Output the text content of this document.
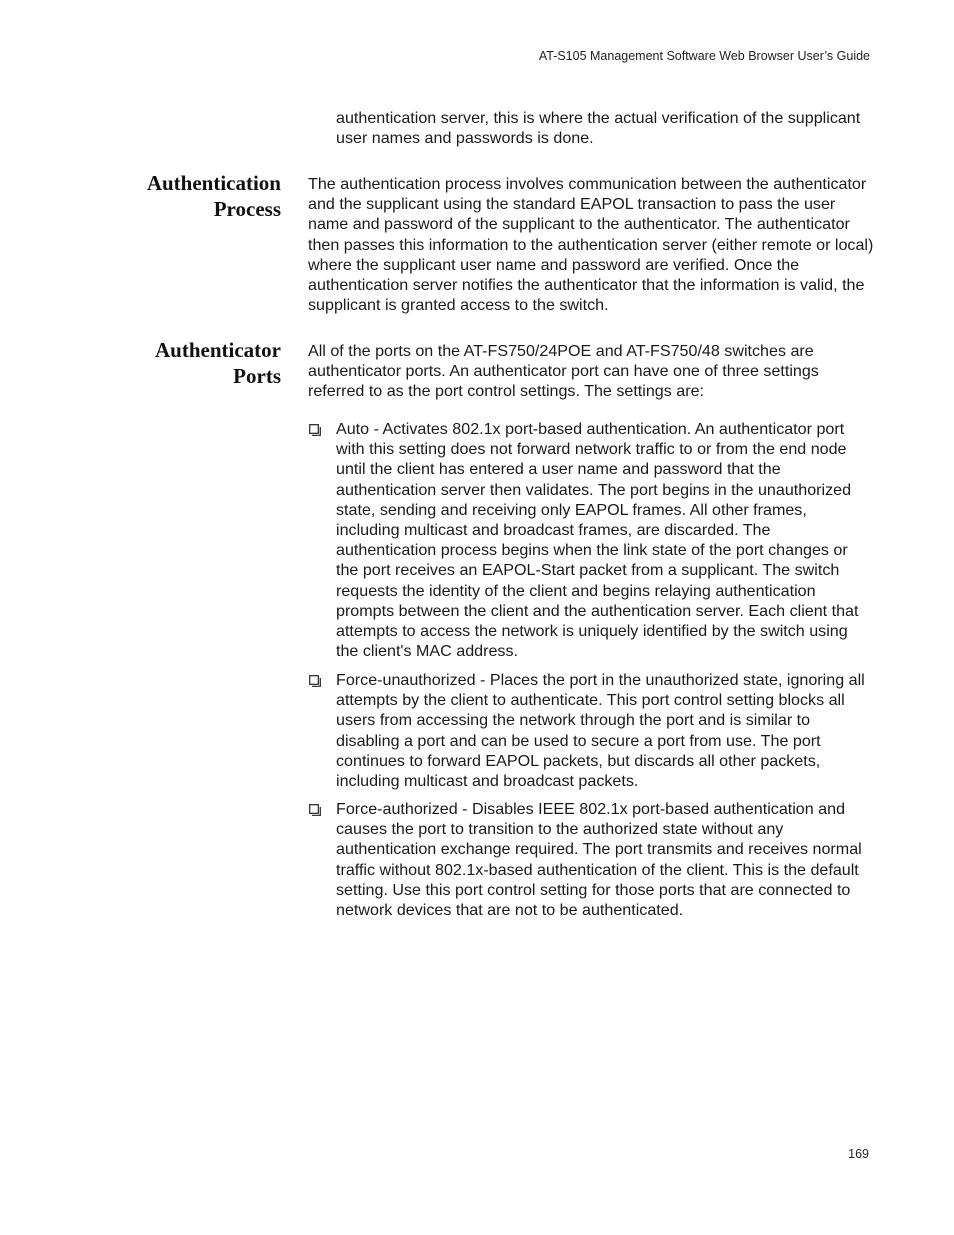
AT-S105 Management Software Web Browser User’s Guide
authentication server, this is where the actual verification of the supplicant user names and passwords is done.
Authentication
Process
The authentication process involves communication between the authenticator and the supplicant using the standard EAPOL transaction to pass the user name and password of the supplicant to the authenticator. The authenticator then passes this information to the authentication server (either remote or local) where the supplicant user name and password are verified. Once the authentication server notifies the authenticator that the information is valid, the supplicant is granted access to the switch.
Authenticator
Ports
All of the ports on the AT-FS750/24POE and AT-FS750/48 switches are authenticator ports. An authenticator port can have one of three settings referred to as the port control settings. The settings are:
Auto - Activates 802.1x port-based authentication. An authenticator port with this setting does not forward network traffic to or from the end node until the client has entered a user name and password that the authentication server then validates. The port begins in the unauthorized state, sending and receiving only EAPOL frames. All other frames, including multicast and broadcast frames, are discarded. The authentication process begins when the link state of the port changes or the port receives an EAPOL-Start packet from a supplicant. The switch requests the identity of the client and begins relaying authentication prompts between the client and the authentication server. Each client that attempts to access the network is uniquely identified by the switch using the client's MAC address.
Force-unauthorized - Places the port in the unauthorized state, ignoring all attempts by the client to authenticate. This port control setting blocks all users from accessing the network through the port and is similar to disabling a port and can be used to secure a port from use. The port continues to forward EAPOL packets, but discards all other packets, including multicast and broadcast packets.
Force-authorized - Disables IEEE 802.1x port-based authentication and causes the port to transition to the authorized state without any authentication exchange required. The port transmits and receives normal traffic without 802.1x-based authentication of the client. This is the default setting. Use this port control setting for those ports that are connected to network devices that are not to be authenticated.
169
